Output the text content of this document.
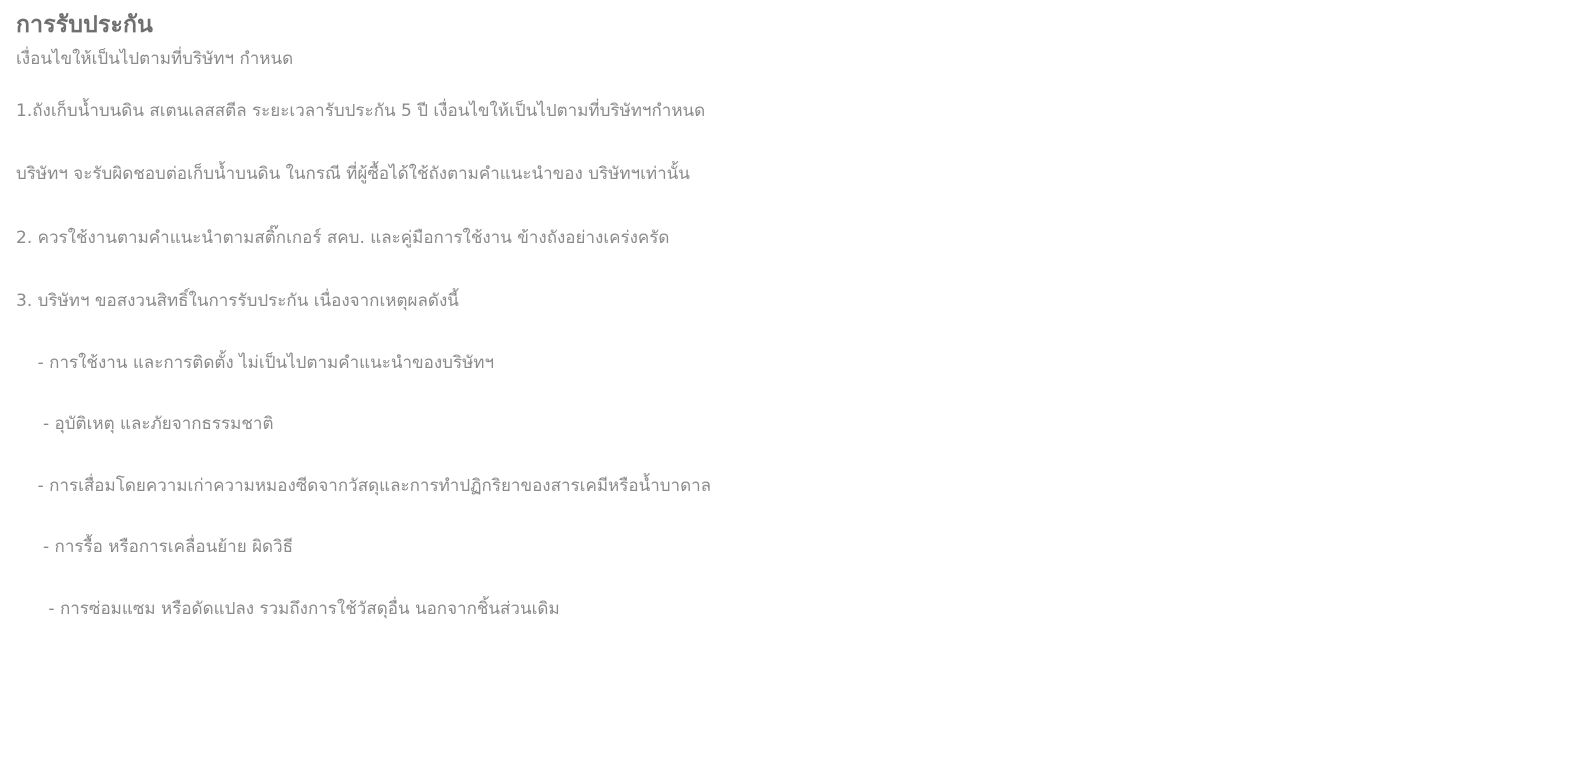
การรับประกัน

เงื่อนไขให้เป็นไปตามที่บริษัทฯ กำหนด

1.ถังเก็บน้ำบนดิน สเตนเลสสตีล ระยะเวลารับประกัน 5 ปี เงื่อนไขให้เป็นไปตามที่บริษัทฯกำหนด

บริษัทฯ จะรับผิดชอบต่อเก็บน้ำบนดิน ในกรณี ที่ผู้ซื้อได้ใช้ถังตามคำแนะนำของ บริษัทฯเท่านั้น

2. ควรใช้งานตามคำแนะนำตามสติ๊กเกอร์ สคบ. และคู่มือการใช้งาน ข้างถังอย่างเคร่งครัด

3. บริษัทฯ ขอสงวนสิทธิ์ในการรับประกัน เนื่องจากเหตุผลดังนี้

- การใช้งาน และการติดตั้ง ไม่เป็นไปตามคำแนะนำของบริษัทฯ
- อุบัติเหตุ และภัยจากธรรมชาติ
- การเสื่อมโดยความเก่าความหมองซีดจากวัสดุและการทำปฏิกริยาของสารเคมีหรือน้ำบาดาล
- การรื้อ หรือการเคลื่อนย้าย ผิดวิธี
- การซ่อมแซม หรือดัดแปลง รวมถึงการใช้วัสดุอื่น นอกจากชิ้นส่วนเดิม
